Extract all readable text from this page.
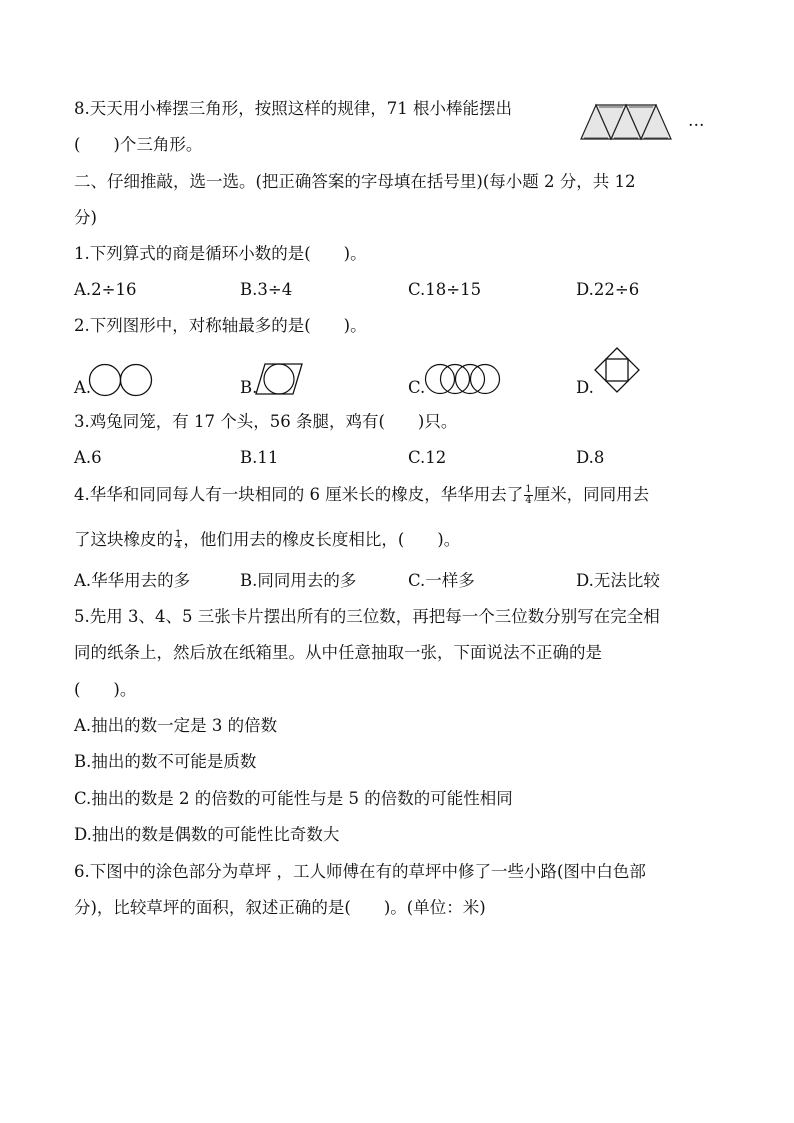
8.天天用小棒摆三角形，按照这样的规律，71 根小棒能摆出
(　　)个三角形。
…
二、仔细推敲，选一选。(把正确答案的字母填在括号里)(每小题 2 分，共 12
分)
1.下列算式的商是循环小数的是(　　)。
A.2÷16	B.3÷4	C.18÷15	D.22÷6
2.下列图形中，对称轴最多的是(　　)。
A.	B.	C.	D.
3.鸡兔同笼，有 17 个头，56 条腿，鸡有(　　)只。
A.6	B.11	C.12	D.8
4.华华和同同每人有一块相同的 6 厘米长的橡皮，华华用去了 $\frac{1}{4}$ 厘米，同同用去
了这块橡皮的 $\frac{1}{4}$ ，他们用去的橡皮长度相比，(　　)。
A.华华用去的多	B.同同用去的多	C.一样多	D.无法比较
5.先用 3、4、5 三张卡片摆出所有的三位数，再把每一个三位数分别写在完全相
同的纸条上，然后放在纸箱里。从中任意抽取一张，下面说法不正确的是
(　　)。
A.抽出的数一定是 3 的倍数
B.抽出的数不可能是质数
C.抽出的数是 2 的倍数的可能性与是 5 的倍数的可能性相同
D.抽出的数是偶数的可能性比奇数大
6.下图中的涂色部分为草坪 ，工人师傅在有的草坪中修了一些小路(图中白色部
分)，比较草坪的面积，叙述正确的是(　　)。(单位：米)
